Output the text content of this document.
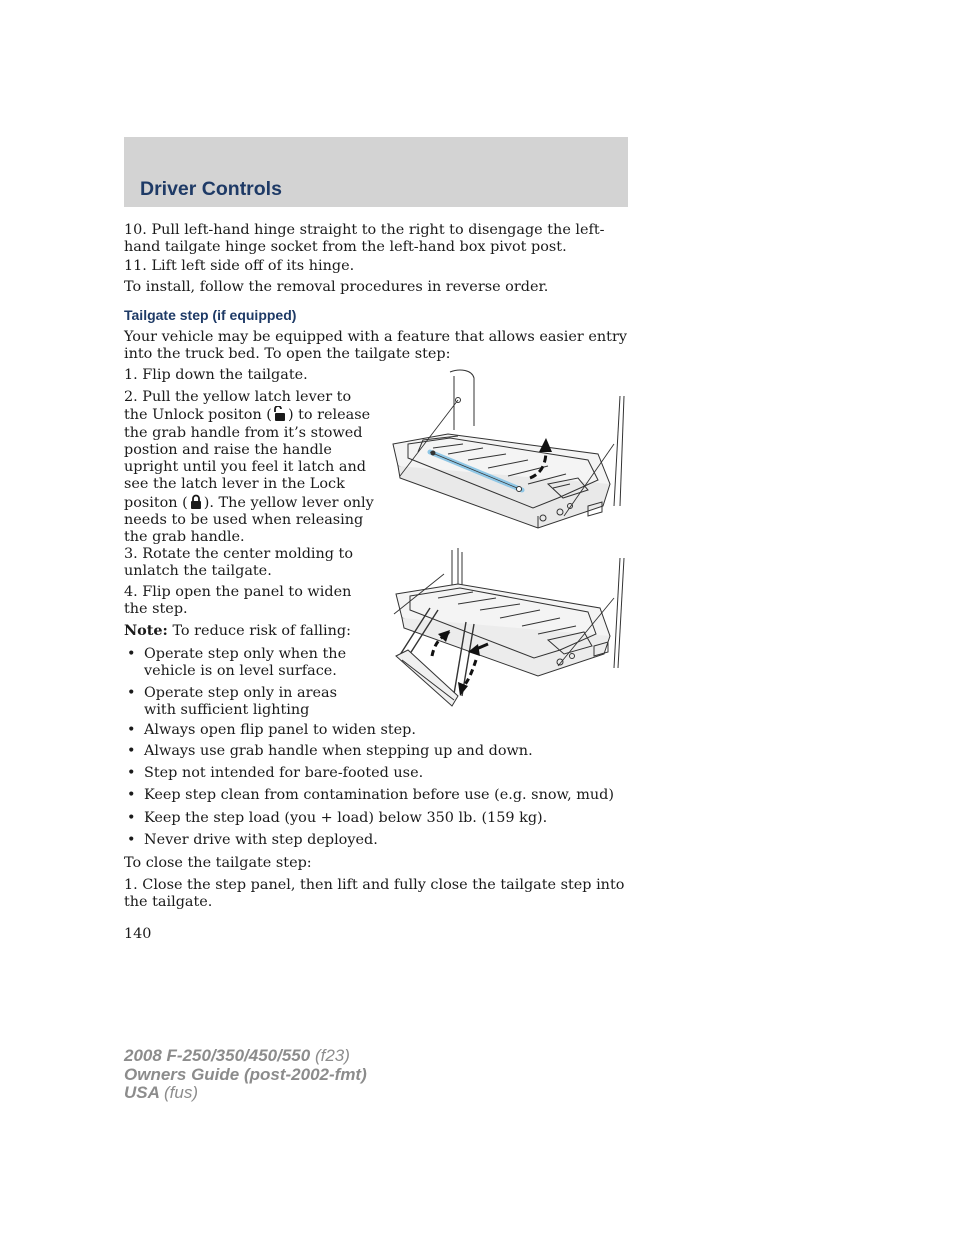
Driver Controls

10. Pull left-hand hinge straight to the right to disengage the left-hand tailgate hinge socket from the left-hand box pivot post.

11. Lift left side off of its hinge.

To install, follow the removal procedures in reverse order.

Tailgate step (if equipped)

Your vehicle may be equipped with a feature that allows easier entry into the truck bed. To open the tailgate step:

1. Flip down the tailgate.

2. Pull the yellow latch lever to the Unlock positon ( ) to release the grab handle from it’s stowed postion and raise the handle upright until you feel it latch and see the latch lever in the Lock positon ( ). The yellow lever only needs to be used when releasing the grab handle.

3. Rotate the center molding to unlatch the tailgate.

4. Flip open the panel to widen the step.

Note: To reduce risk of falling:

• Operate step only when the vehicle is on level surface.
• Operate step only in areas with sufficient lighting
• Always open flip panel to widen step.
• Always use grab handle when stepping up and down.
• Step not intended for bare-footed use.
• Keep step clean from contamination before use (e.g. snow, mud)
• Keep the step load (you + load) below 350 lb. (159 kg).
• Never drive with step deployed.

To close the tailgate step:

1. Close the step panel, then lift and fully close the tailgate step into the tailgate.

140
2008 F-250/350/450/550 (f23)
Owners Guide (post-2002-fmt)
USA (fus)
